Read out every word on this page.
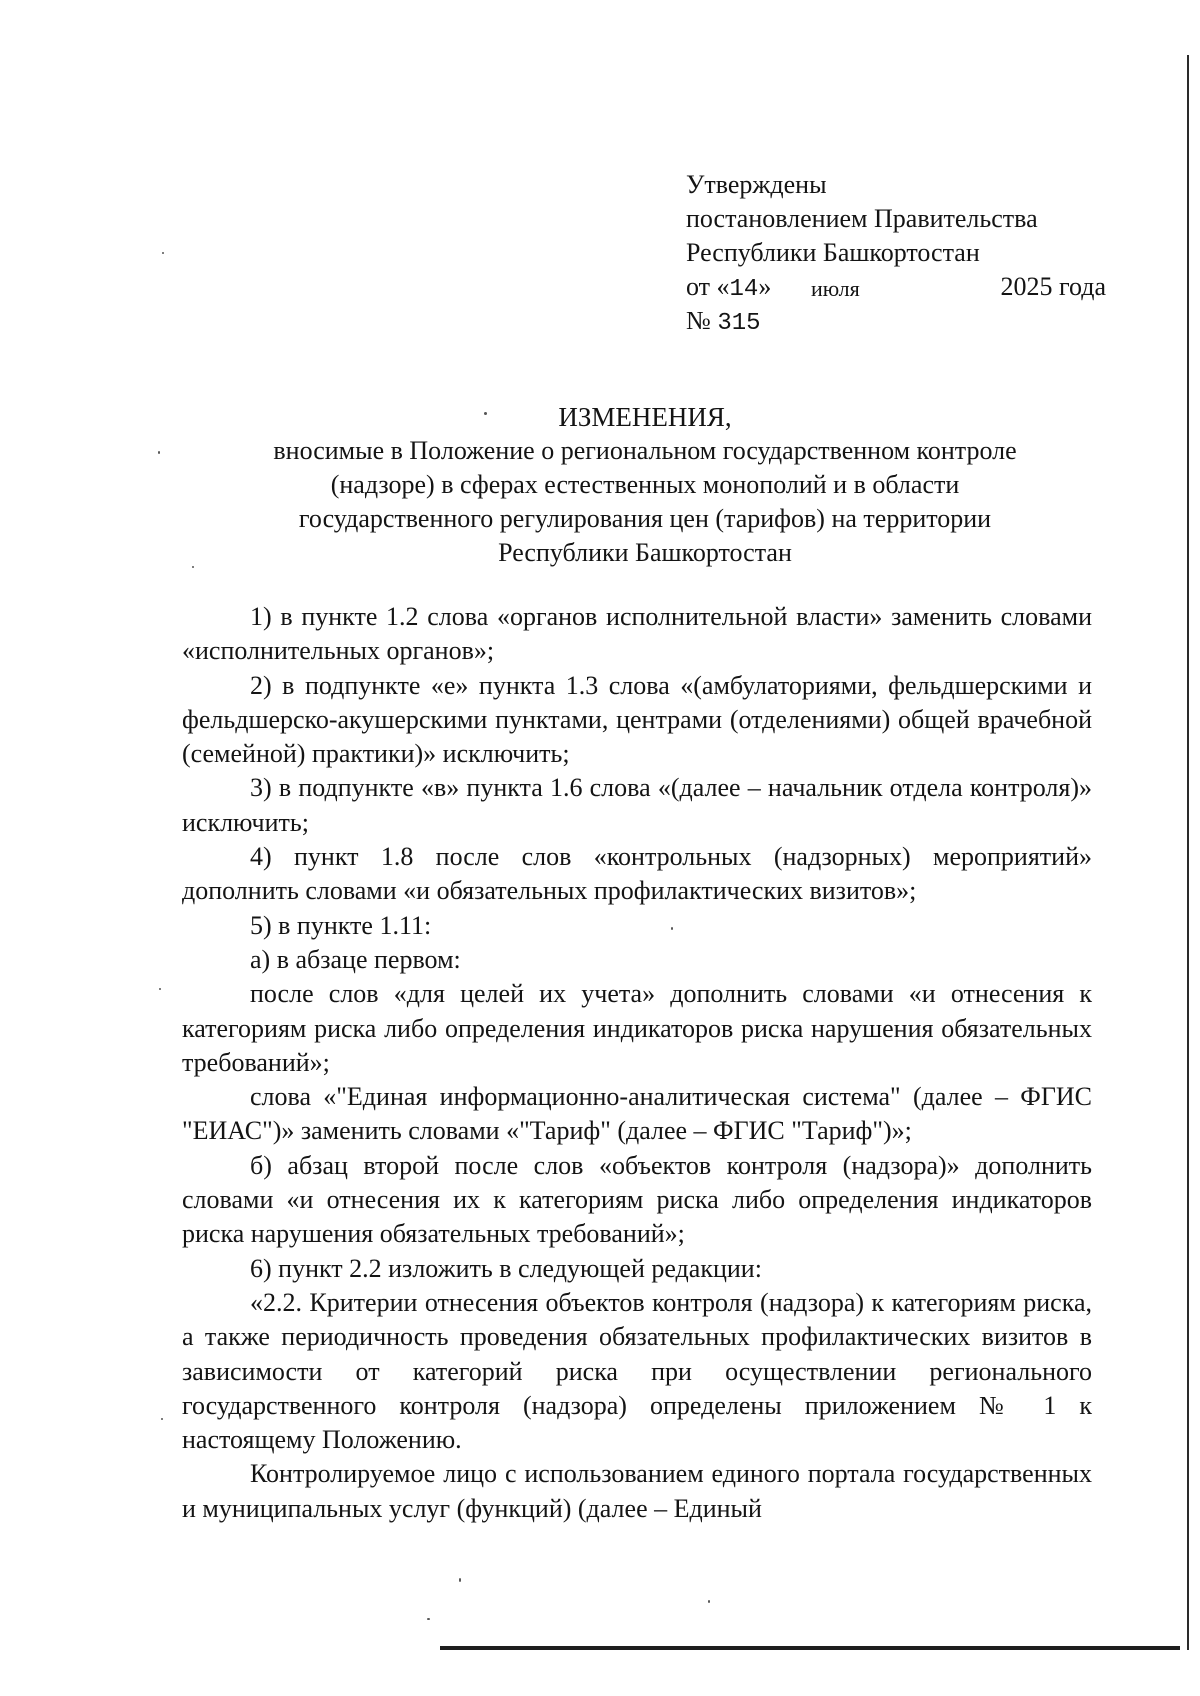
Утверждены
постановлением Правительства
Республики Башкортостан
от «14» июля	2025 года
№ 315
ИЗМЕНЕНИЯ,
вносимые в Положение о региональном государственном контроле
(надзоре) в сферах естественных монополий и в области
государственного регулирования цен (тарифов) на территории
Республики Башкортостан

1) в пункте 1.2 слова «органов исполнительной власти» заменить словами «исполнительных органов»;

2) в подпункте «е» пункта 1.3 слова «(амбулаториями, фельдшерскими и фельдшерско-акушерскими пунктами, центрами (отделениями) общей врачебной (семейной) практики)» исключить;

3) в подпункте «в» пункта 1.6 слова «(далее – начальник отдела контроля)» исключить;

4) пункт 1.8 после слов «контрольных (надзорных) мероприятий» дополнить словами «и обязательных профилактических визитов»;

5) в пункте 1.11:

а) в абзаце первом:

после слов «для целей их учета» дополнить словами «и отнесения к категориям риска либо определения индикаторов риска нарушения обязательных требований»;

слова «"Единая информационно-аналитическая система" (далее – ФГИС "ЕИАС")» заменить словами «"Тариф" (далее – ФГИС "Тариф")»;

б) абзац второй после слов «объектов контроля (надзора)» дополнить словами «и отнесения их к категориям риска либо определения индикаторов риска нарушения обязательных требований»;

6) пункт 2.2 изложить в следующей редакции:

«2.2. Критерии отнесения объектов контроля (надзора) к категориям риска, а также периодичность проведения обязательных профилактических визитов в зависимости от категорий риска при осуществлении регионального государственного контроля (надзора) определены приложением № 1 к настоящему Положению.

Контролируемое лицо с использованием единого портала государственных и муниципальных услуг (функций) (далее – Единый
